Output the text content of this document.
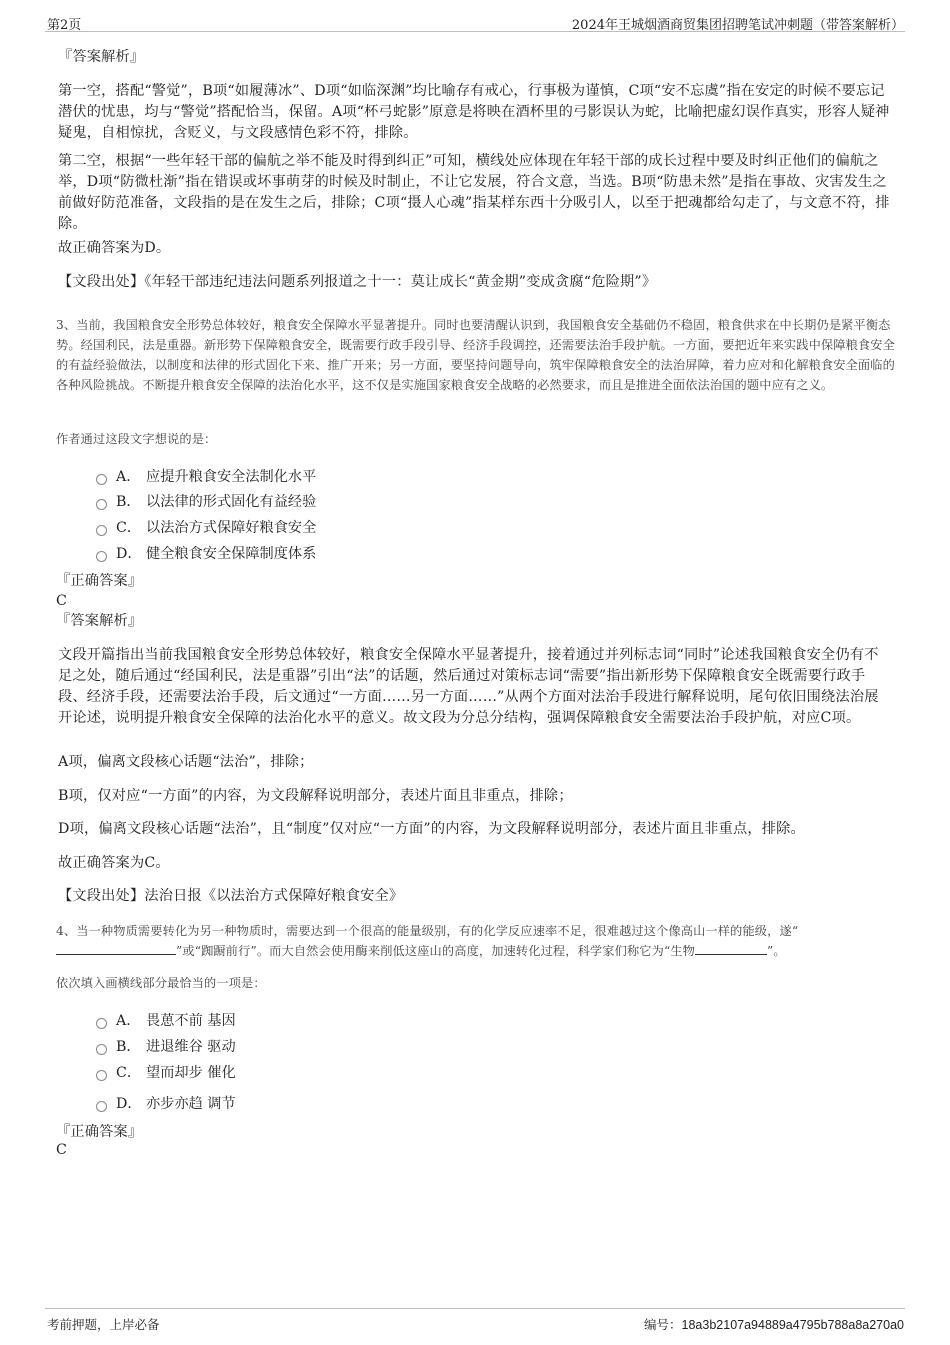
第2页	2024年王城烟酒商贸集团招聘笔试冲刺题（带答案解析）
『答案解析』
第一空，搭配“警觉”，B项“如履薄冰”、D项“如临深渊”均比喻存有戒心，行事极为谨慎，C项“安不忘虞”指在安定的时候不要忘记潜伏的忧患，均与“警觉”搭配恰当，保留。A项“杯弓蛇影”原意是将映在酒杯里的弓影误认为蛇，比喻把虚幻误作真实，形容人疑神疑鬼，自相惊扰，含贬义，与文段感情色彩不符，排除。
第二空，根据“一些年轻干部的偏航之举不能及时得到纠正”可知，横线处应体现在年轻干部的成长过程中要及时纠正他们的偏航之举，D项“防微杜渐”指在错误或坏事萌芽的时候及时制止，不让它发展，符合文意，当选。B项“防患未然”是指在事故、灾害发生之前做好防范准备，文段指的是在发生之后，排除；C项“摄人心魂”指某样东西十分吸引人，以至于把魂都给勾走了，与文意不符，排除。
故正确答案为D。
【文段出处】《年轻干部违纪违法问题系列报道之十一：莫让成长“黄金期”变成贪腐“危险期”》
3、当前，我国粮食安全形势总体较好，粮食安全保障水平显著提升。同时也要清醒认识到，我国粮食安全基础仍不稳固，粮食供求在中长期仍是紧平衡态势。经国利民，法是重器。新形势下保障粮食安全，既需要行政手段引导、经济手段调控，还需要法治手段护航。一方面，要把近年来实践中保障粮食安全的有益经验做法，以制度和法律的形式固化下来、推广开来；另一方面，要坚持问题导向，筑牢保障粮食安全的法治屏障，着力应对和化解粮食安全面临的各种风险挑战。不断提升粮食安全保障的法治化水平，这不仅是实施国家粮食安全战略的必然要求，而且是推进全面依法治国的题中应有之义。
作者通过这段文字想说的是：
A． 应提升粮食安全法制化水平
B． 以法律的形式固化有益经验
C． 以法治方式保障好粮食安全
D． 健全粮食安全保障制度体系
『正确答案』
C
『答案解析』
文段开篇指出当前我国粮食安全形势总体较好，粮食安全保障水平显著提升，接着通过并列标志词“同时”论述我国粮食安全仍有不足之处，随后通过“经国利民，法是重器”引出“法”的话题，然后通过对策标志词“需要”指出新形势下保障粮食安全既需要行政手段、经济手段，还需要法治手段，后文通过“一方面……另一方面……”从两个方面对法治手段进行解释说明，尾句依旧围绕法治展开论述，说明提升粮食安全保障的法治化水平的意义。故文段为分总分结构，强调保障粮食安全需要法治手段护航，对应C项。
A项，偏离文段核心话题“法治”，排除；
B项，仅对应“一方面”的内容，为文段解释说明部分，表述片面且非重点，排除；
D项，偏离文段核心话题“法治”，且“制度”仅对应“一方面”的内容，为文段解释说明部分，表述片面且非重点，排除。
故正确答案为C。
【文段出处】法治日报《以法治方式保障好粮食安全》
4、当一种物质需要转化为另一种物质时，需要达到一个很高的能量级别，有的化学反应速率不足，很难越过这个像高山一样的能级，遂“”或“踟蹰前行”。而大自然会使用酶来削低这座山的高度，加速转化过程，科学家们称它为“生物	”。
依次填入画横线部分最恰当的一项是：
A． 畏葸不前 基因
B． 进退维谷 驱动
C． 望而却步 催化
D． 亦步亦趋 调节
『正确答案』
C
考前押题，上岸必备	编号：18a3b2107a94889a4795b788a8a270a0
